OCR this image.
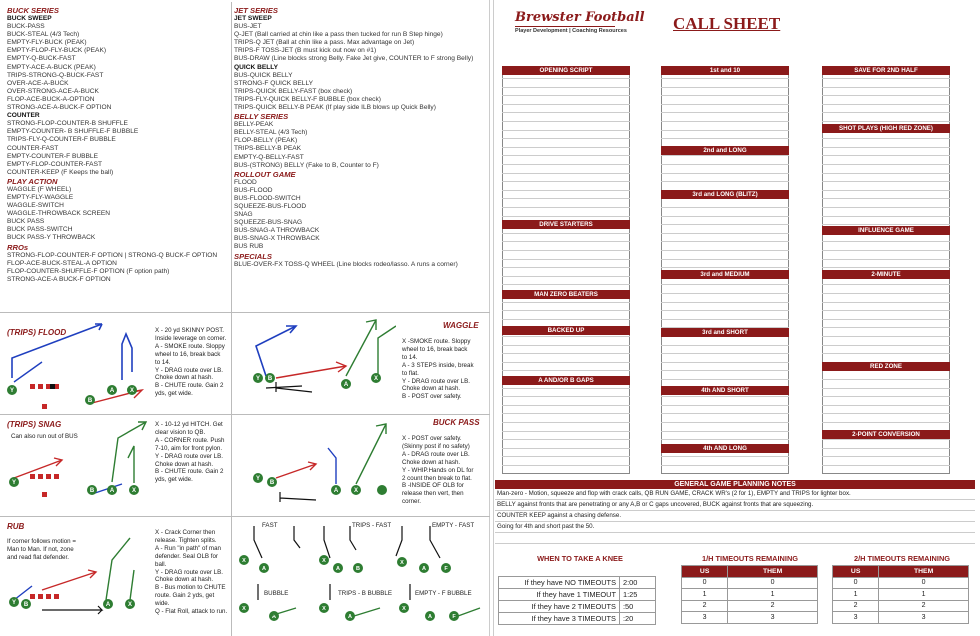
BUCK SERIES
BUCK SWEEP
BUCK-PASS
BUCK-STEAL (4/3 Tech)
EMPTY-FLY-BUCK (PEAK)
EMPTY-FLOP-FLY-BUCK (PEAK)
EMPTY-Q-BUCK-FAST
EMPTY-ACE-A-BUCK (PEAK)
TRIPS-STRONG-Q-BUCK-FAST
OVER-ACE-A-BUCK
OVER-STRONG-ACE-A-BUCK
FLOP-ACE-BUCK-A-OPTION
STRONG-ACE-A-BUCK-F OPTION
COUNTER
STRONG-FLOP-COUNTER-B SHUFFLE
EMPTY-COUNTER- B SHUFFLE-F BUBBLE
TRIPS-FLY-Q-COUNTER-F BUBBLE
COUNTER-FAST
EMPTY-COUNTER-F BUBBLE
EMPTY-FLOP-COUNTER-FAST
COUNTER-KEEP (F Keeps the ball)
PLAY ACTION
WAGGLE (F WHEEL)
EMPTY-FLY-WAGGLE
WAGGLE-SWITCH
WAGGLE-THROWBACK SCREEN
BUCK PASS
BUCK PASS-SWITCH
BUCK PASS-Y THROWBACK
RROs
STRONG-FLOP-COUNTER-F OPTION | STRONG-Q BUCK-F OPTION
FLOP-ACE-BUCK-STEAL-A OPTION
FLOP-COUNTER-SHUFFLE-F OPTION (F option path)
STRONG-ACE-A BUCK-F OPTION
JET SERIES
JET SWEEP
BUS-JET
Q-JET (Ball carried at chin like a pass then tucked for run B Step hinge)
TRIPS-Q JET (Ball at chin like a pass. Max advantage on Jet)
TRIPS-F TOSS-JET (B must kick out now on #1)
BUS-DRAW (Line blocks strong Belly. Fake Jet give, COUNTER to F strong Belly)
QUICK BELLY
BUS-QUICK BELLY
STRONG-F QUICK BELLY
TRIPS-QUICK BELLY-FAST (box check)
TRIPS-FLY-QUICK BELLY-F BUBBLE (box check)
TRIPS-QUICK BELLY-B PEAK (If play side ILB blows up Quick Belly)
BELLY SERIES
BELLY-PEAK
BELLY-STEAL (4/3 Tech)
FLOP-BELLY (PEAK)
TRIPS-BELLY-B PEAK
EMPTY-Q-BELLY-FAST
BUS-(STRONG) BELLY (Fake to B, Counter to F)
ROLLOUT GAME
FLOOD
BUS-FLOOD
BUS-FLOOD-SWITCH
SQUEEZE-BUS-FLOOD
SNAG
SQUEEZE-BUS-SNAG
BUS-SNAG-A THROWBACK
BUS-SNAG-X THROWBACK
BUS RUB
SPECIALS
BLUE-OVER-FX TOSS-Q WHEEL (Line blocks rodeo/lasso. A runs a corner)
(TRIPS) FLOOD
Y
B
A	X
X - 20 yd SKINNY POST.
Inside leverage on corner.
A - SMOKE route. Sloppy
wheel to 16, break back
to 14.
Y - DRAG route over LB.
Choke down at hash.
B - CHUTE route. Gain 2
yds, get wide.
WAGGLE
Y B
A
X
X -SMOKE route. Sloppy
wheel to 16, break back
to 14.
A - 3 STEPS inside, break
to flat.
Y - DRAG route over LB.
Choke down at hash.
B - POST over safety.
(TRIPS) SNAG
Can also run out of BUS
Y
B	A	X
X - 10-12 yd HITCH. Get
clear vision to QB.
A - CORNER route. Push
7-10, aim for front pylon.
Y - DRAG route over LB.
Choke down at hash.
B - CHUTE route. Gain 2
yds, get wide.
BUCK PASS
Y
B
A	X
X - POST over safety.
(Skinny post if no safety)
A - DRAG route over LB.
Choke down at hash.
Y - WHIP.Hands on DL for
2 count then break to flat.
B -INSIDE OF OLB for
release then vert, then
corner.
RUB
If corner follows motion =
Man to Man. If not, zone
and read flat defender.
Y B	A	X
X - Crack Corner then
release. Tighten splits.
A - Run "in path" of man
defender. Seal OLB for
ball.
Y - DRAG route over LB.
Choke down at hash.
B - Bus motion to CHUTE
route. Gain 2 yds, get
wide.
Q - Flat Roll, attack to run.
FAST	TRIPS - FAST	EMPTY - FAST
BUBBLE	TRIPS - B BUBBLE	EMPTY - F BUBBLE
X
A
X
A	B
X
A	F
X
A
X
A
X
A	F
Brewster Football
Player Development | Coaching Resources	CALL SHEET
OPENING SCRIPT
DRIVE STARTERS
MAN ZERO BEATERS
BACKED UP
A AND/OR B GAPS
1st and 10
2nd and LONG
3rd and LONG (BLITZ)
3rd and MEDIUM
3rd and SHORT
4th AND SHORT
4th AND LONG
SAVE FOR 2ND HALF
SHOT PLAYS (HIGH RED ZONE)
INFLUENCE GAME
2-MINUTE
RED ZONE
2-POINT CONVERSION
GENERAL GAME PLANNING NOTES
Man-zero - Motion, squeeze and flop with crack calls, QB RUN GAME, CRACK WR's (2 for 1), EMPTY and TRIPS for lighter box.
BELLY against fronts that are penetrating or any A,B or C gaps uncovered, BUCK against fronts that are squeezing.
COUNTER KEEP against a chasing defense.
Going for 4th and short past the 50.
WHEN TO TAKE A KNEE
If they have NO TIMEOUTS	2:00
If they have 1 TIMEOUT	1:25
If they have 2 TIMEOUTS	:50
If they have 3 TIMEOUTS	:20
1/H TIMEOUTS REMAINING
US	THEM
0	0
1	1
2	2
3	3
2/H TIMEOUTS REMAINING
US	THEM
0	0
1	1
2	2
3	3
